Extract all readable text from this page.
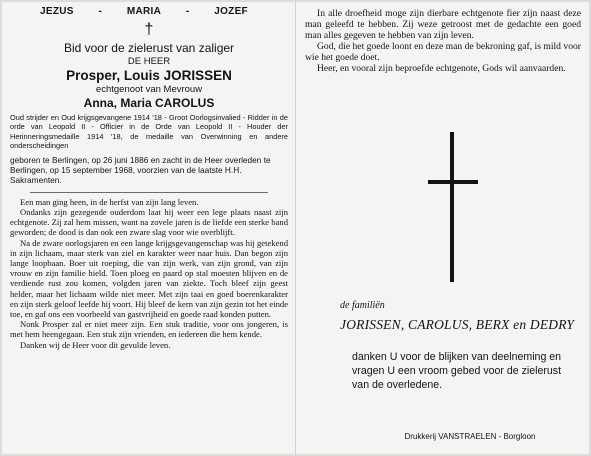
JEZUS - MARIA - JOZEF
†
Bid voor de zielerust van zaliger
DE HEER
Prosper, Louis JORISSEN
echtgenoot van Mevrouw
Anna, Maria CAROLUS
Oud strijder en Oud krijgsgevangene 1914 '18 - Groot Oorlogsinvalied - Ridder in de orde van Leopold II - Officier in de Orde van Leopold II - Houder der Herinneringsmedaille 1914 '18, de medaille van Overwinning en andere onderscheidingen
geboren te Berlingen, op 26 juni 1886 en zacht in de Heer overleden te Berlingen, op 15 september 1968, voorzien van de laatste H.H. Sakramenten.

Een man ging heen, in de herfst van zijn lang leven.

Ondanks zijn gezegende ouderdom laat hij weer een lege plaats naast zijn echtgenote. Zij zal hem missen, want na zovele jaren is de liefde een sterke band geworden; de dood is dan ook een zware slag voor wie overblijft.

Na de zware oorlogsjaren en een lange krijgsgevangenschap was hij getekend in zijn lichaam, maar sterk van ziel en karakter weer naar huis. Dan begon zijn lange loopbaan. Boer uit roeping, die van zijn werk, van zijn grond, van zijn vrouw en zijn familie hield. Toen ploeg en paard op stal moesten blijven en de verdiende rust zou komen, volgden jaren van ziekte. Toch bleef zijn geest helder, maar het lichaam wilde niet meer. Met zijn taai en goed boerenkarakter en zijn sterk geloof leefde hij voort. Hij bleef de kern van zijn gezin tot het einde toe, en gaf ons een voorbeeld van gastvrijheid en goede raad konden putten.

Nonk Prosper zal er niet meer zijn. Een stuk traditie, voor ons jongeren, is met hem heengegaan. Een stuk zijn vrienden, en iedereen die hem kende.

Danken wij de Heer voor dit gevulde leven.

In alle droefheid moge zijn dierbare echtgenote fier zijn naast deze man geleefd te hebben. Zij weze getroost met de gedachte een goed man alles gegeven te hebben van zijn leven.

God, die het goede loont en deze man de bekroning gaf, is mild voor wie het goede doet.

Heer, en vooral zijn beproefde echtgenote, Gods wil aanvaarden.

de familiën
JORISSEN, CAROLUS, BERX en DEDRY
danken U voor de blijken van deelneming en vragen U een vroom gebed voor de zielerust van de overledene.
Drukkerij VANSTRAELEN - Borgloon
